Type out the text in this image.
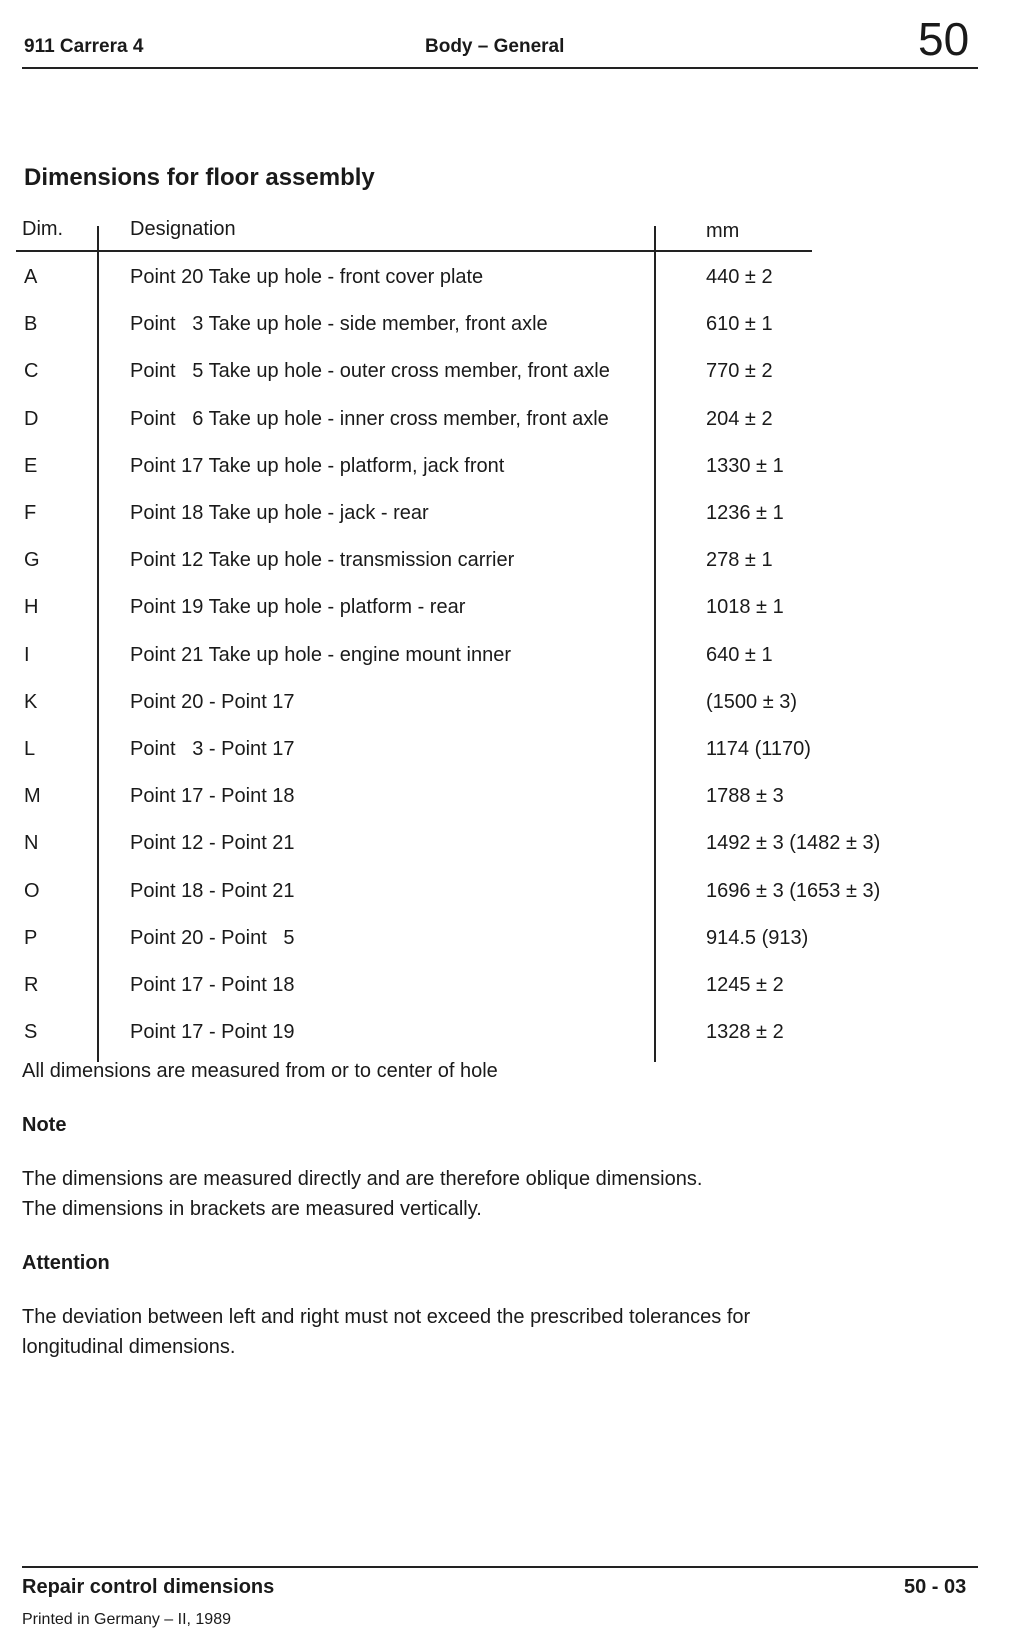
911 Carrera 4	Body – General	50
Dimensions for floor assembly
Dim.	Designation	mm
A	Point 20 Take up hole - front cover plate	440 ± 2
B	Point   3 Take up hole - side member, front axle	610 ± 1
C	Point   5 Take up hole - outer cross member, front axle	770 ± 2
D	Point   6 Take up hole - inner cross member, front axle	204 ± 2
E	Point 17 Take up hole - platform, jack front	1330 ± 1
F	Point 18 Take up hole - jack - rear	1236 ± 1
G	Point 12 Take up hole - transmission carrier	278 ± 1
H	Point 19 Take up hole - platform - rear	1018 ± 1
I	Point 21 Take up hole - engine mount inner	640 ± 1
K	Point 20 - Point 17	(1500 ± 3)
L	Point   3 - Point 17	1174 (1170)
M	Point 17 - Point 18	1788 ± 3
N	Point 12 - Point 21	1492 ± 3 (1482 ± 3)
O	Point 18 - Point 21	1696 ± 3 (1653 ± 3)
P	Point 20 - Point   5	914.5 (913)
R	Point 17 - Point 18	1245 ± 2
S	Point 17 - Point 19	1328 ± 2
All dimensions are measured from or to center of hole
Note
The dimensions are measured directly and are therefore oblique dimensions.
The dimensions in brackets are measured vertically.
Attention
The deviation between left and right must not exceed the prescribed tolerances for
longitudinal dimensions.
Repair control dimensions	50 - 03
Printed in Germany – II, 1989
